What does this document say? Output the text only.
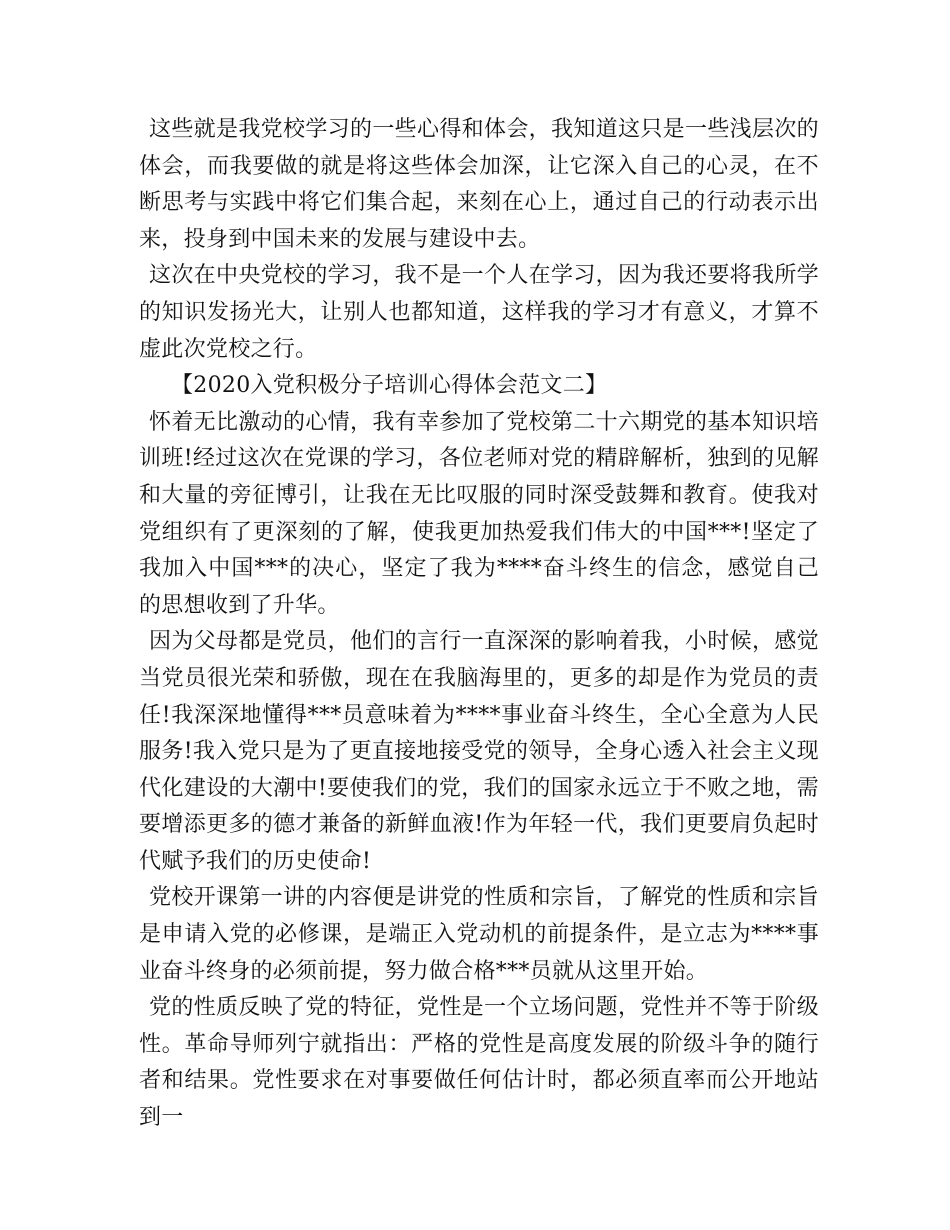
这些就是我党校学习的一些心得和体会，我知道这只是一些浅层次的体会，而我要做的就是将这些体会加深，让它深入自己的心灵，在不断思考与实践中将它们集合起，来刻在心上，通过自己的行动表示出来，投身到中国未来的发展与建设中去。

这次在中央党校的学习，我不是一个人在学习，因为我还要将我所学的知识发扬光大，让别人也都知道，这样我的学习才有意义，才算不虚此次党校之行。

【2020入党积极分子培训心得体会范文二】

怀着无比激动的心情，我有幸参加了党校第二十六期党的基本知识培训班!经过这次在党课的学习，各位老师对党的精辟解析，独到的见解和大量的旁征博引，让我在无比叹服的同时深受鼓舞和教育。使我对党组织有了更深刻的了解，使我更加热爱我们伟大的中国***!坚定了我加入中国***的决心，坚定了我为****奋斗终生的信念，感觉自己的思想收到了升华。

因为父母都是党员，他们的言行一直深深的影响着我，小时候，感觉当党员很光荣和骄傲，现在在我脑海里的，更多的却是作为党员的责任!我深深地懂得***员意味着为****事业奋斗终生，全心全意为人民服务!我入党只是为了更直接地接受党的领导，全身心透入社会主义现代化建设的大潮中!要使我们的党，我们的国家永远立于不败之地，需要增添更多的德才兼备的新鲜血液!作为年轻一代，我们更要肩负起时代赋予我们的历史使命!

党校开课第一讲的内容便是讲党的性质和宗旨，了解党的性质和宗旨是申请入党的必修课，是端正入党动机的前提条件，是立志为****事业奋斗终身的必须前提，努力做合格***员就从这里开始。

党的性质反映了党的特征，党性是一个立场问题，党性并不等于阶级性。革命导师列宁就指出：严格的党性是高度发展的阶级斗争的随行者和结果。党性要求在对事要做任何估计时，都必须直率而公开地站到一
